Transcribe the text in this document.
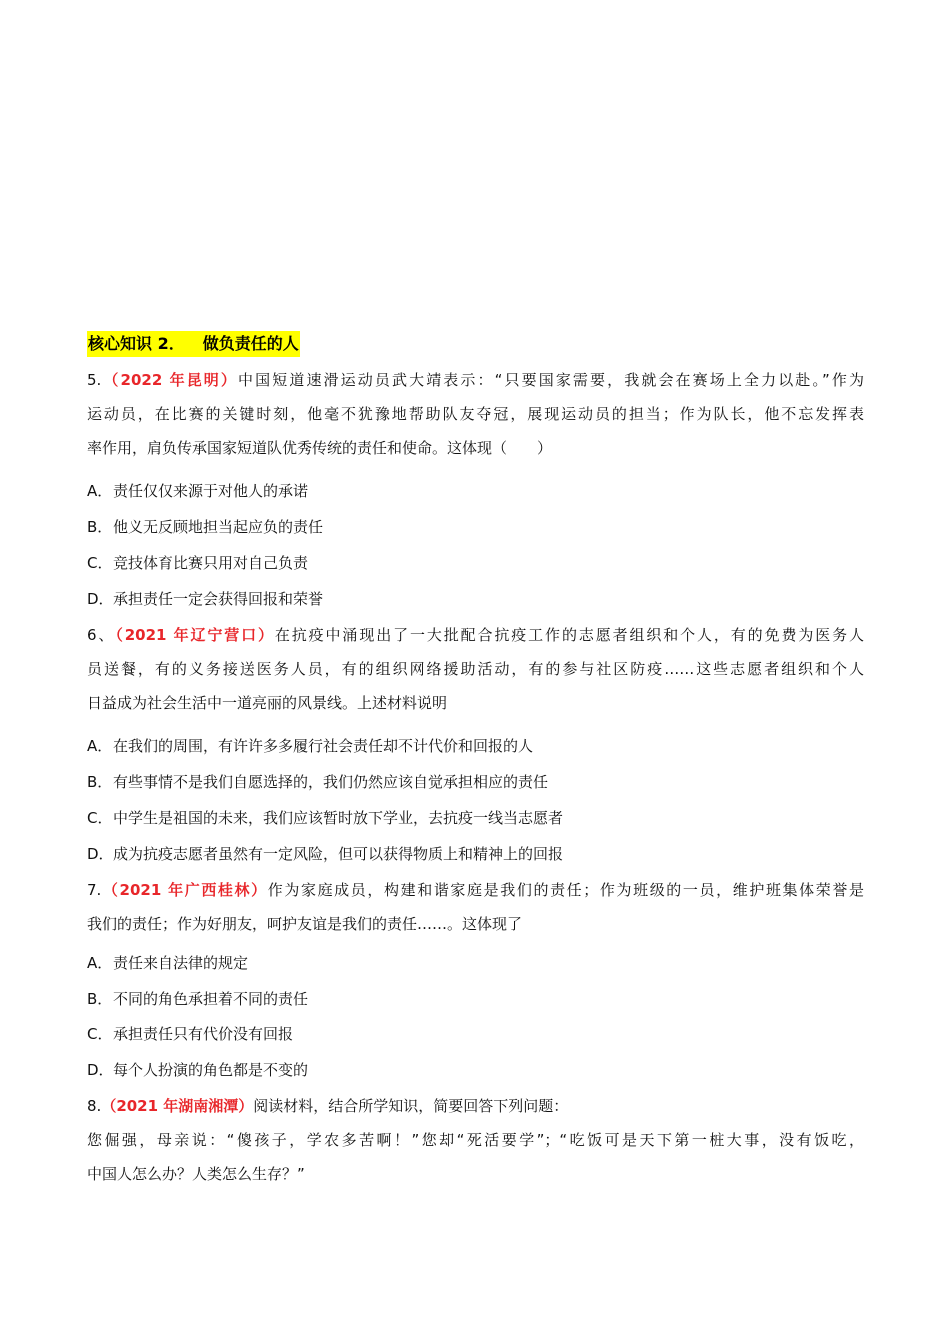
核心知识 2． 做负责任的人
5.（2022 年昆明）中国短道速滑运动员武大靖表示：“只要国家需要，我就会在赛场上全力以赴。”作为
运动员，在比赛的关键时刻，他毫不犹豫地帮助队友夺冠，展现运动员的担当；作为队长，他不忘发挥表
率作用，肩负传承国家短道队优秀传统的责任和使命。这体现（　　）
A．责任仅仅来源于对他人的承诺
B．他义无反顾地担当起应负的责任
C．竞技体育比赛只用对自己负责
D．承担责任一定会获得回报和荣誉
6、（2021 年辽宁营口）在抗疫中涌现出了一大批配合抗疫工作的志愿者组织和个人，有的免费为医务人
员送餐，有的义务接送医务人员，有的组织网络援助活动，有的参与社区防疫……这些志愿者组织和个人
日益成为社会生活中一道亮丽的风景线。上述材料说明
A．在我们的周围，有许许多多履行社会责任却不计代价和回报的人
B．有些事情不是我们自愿选择的，我们仍然应该自觉承担相应的责任
C．中学生是祖国的未来，我们应该暂时放下学业，去抗疫一线当志愿者
D．成为抗疫志愿者虽然有一定风险，但可以获得物质上和精神上的回报
7.（2021 年广西桂林）作为家庭成员，构建和谐家庭是我们的责任；作为班级的一员，维护班集体荣誉是
我们的责任；作为好朋友，呵护友谊是我们的责任……。这体现了
A．责任来自法律的规定
B．不同的角色承担着不同的责任
C．承担责任只有代价没有回报
D．每个人扮演的角色都是不变的
8.（2021 年湖南湘潭）阅读材料，结合所学知识，简要回答下列问题：
您倔强，母亲说：“傻孩子，学农多苦啊！”您却“死活要学”；“吃饭可是天下第一桩大事，没有饭吃，
中国人怎么办？人类怎么生存？”
